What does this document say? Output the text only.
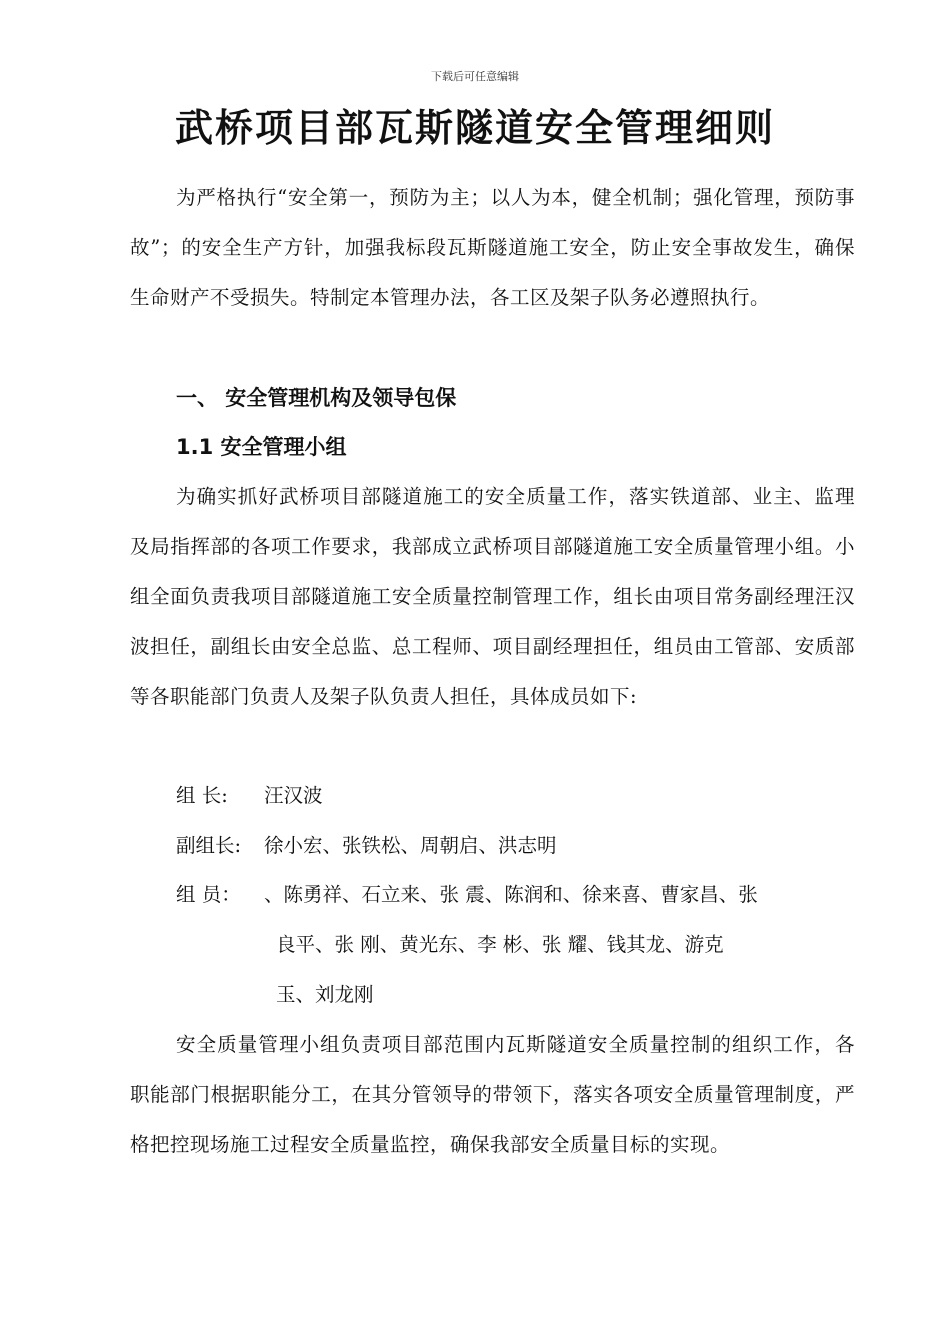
下载后可任意编辑
武桥项目部瓦斯隧道安全管理细则
为严格执行“安全第一，预防为主；以人为本，健全机制；强化管理，预防事故”；的安全生产方针，加强我标段瓦斯隧道施工安全，防止安全事故发生，确保生命财产不受损失。特制定本管理办法，各工区及架子队务必遵照执行。
一、 安全管理机构及领导包保
1.1 安全管理小组
为确实抓好武桥项目部隧道施工的安全质量工作，落实铁道部、业主、监理及局指挥部的各项工作要求，我部成立武桥项目部隧道施工安全质量管理小组。小组全面负责我项目部隧道施工安全质量控制管理工作，组长由项目常务副经理汪汉波担任，副组长由安全总监、总工程师、项目副经理担任，组员由工管部、安质部等各职能部门负责人及架子队负责人担任，具体成员如下:
组 长: 汪汉波
副组长: 徐小宏、张铁松、周朝启、洪志明
组 员： 、陈勇祥、石立来、张 震、陈润和、徐来喜、曹家昌、张
良平、张 刚、黄光东、李 彬、张 耀、钱其龙、游克
玉、刘龙刚
安全质量管理小组负责项目部范围内瓦斯隧道安全质量控制的组织工作，各职能部门根据职能分工，在其分管领导的带领下，落实各项安全质量管理制度，严格把控现场施工过程安全质量监控，确保我部安全质量目标的实现。
